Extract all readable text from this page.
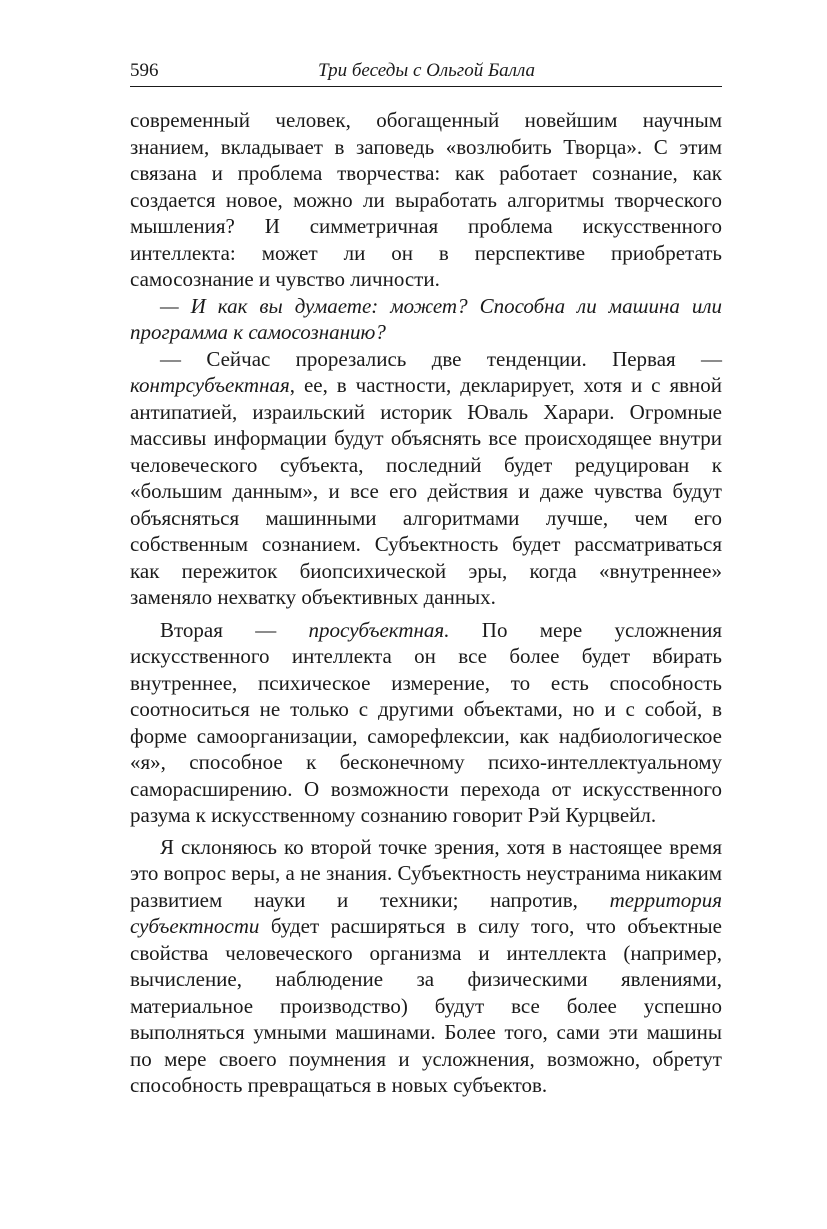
596	Три беседы с Ольгой Балла

современный человек, обогащенный новейшим научным знанием, вкладывает в заповедь «возлюбить Творца». С этим связана и проблема творчества: как работает сознание, как создается новое, можно ли выработать алгоритмы творческого мышления? И симметричная проблема искусственного интеллекта: может ли он в перспективе приобретать самосознание и чувство личности.

— И как вы думаете: может? Способна ли машина или программа к самосознанию?

— Сейчас прорезались две тенденции. Первая — контрсубъектная, ее, в частности, декларирует, хотя и с явной антипатией, израильский историк Юваль Харари. Огромные массивы информации будут объяснять все происходящее внутри человеческого субъекта, последний будет редуцирован к «большим данным», и все его действия и даже чувства будут объясняться машинными алгоритмами лучше, чем его собственным сознанием. Субъектность будет рассматриваться как пережиток биопсихической эры, когда «внутреннее» заменяло нехватку объективных данных.

Вторая — просубъектная. По мере усложнения искусственного интеллекта он все более будет вбирать внутреннее, психическое измерение, то есть способность соотноситься не только с другими объектами, но и с собой, в форме самоорганизации, саморефлексии, как надбиологическое «я», способное к бесконечному психо-интеллектуальному саморасширению. О возможности перехода от искусственного разума к искусственному сознанию говорит Рэй Курцвейл.

Я склоняюсь ко второй точке зрения, хотя в настоящее время это вопрос веры, а не знания. Субъектность неустранима никаким развитием науки и техники; напротив, территория субъектности будет расширяться в силу того, что объектные свойства человеческого организма и интеллекта (например, вычисление, наблюдение за физическими явлениями, материальное производство) будут все более успешно выполняться умными машинами. Более того, сами эти машины по мере своего поумнения и усложнения, возможно, обретут способность превращаться в новых субъектов.
